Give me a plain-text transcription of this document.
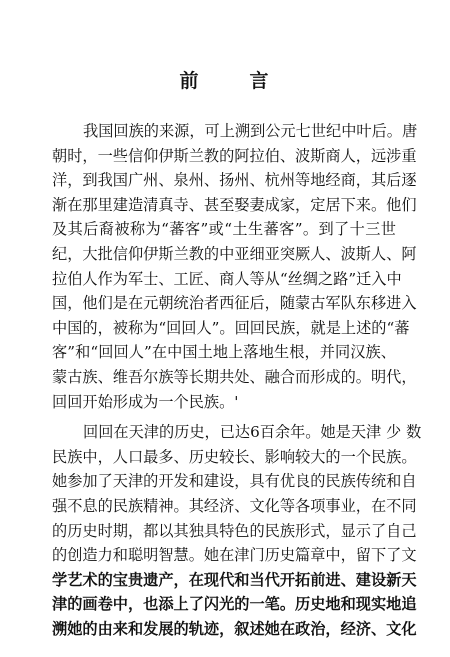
前　言
我国回族的来源，可上溯到公元七世纪中叶后。唐
朝时，一些信仰伊斯兰教的阿拉伯、波斯商人，远涉重
洋，到我国广州、泉州、扬州、杭州等地经商，其后逐
渐在那里建造清真寺、甚至娶妻成家，定居下来。他们
及其后裔被称为“蕃客”或“土生蕃客”。到了十三世
纪，大批信仰伊斯兰教的中亚细亚突厥人、波斯人、阿
拉伯人作为军士、工匠、商人等从“丝绸之路”迁入中
国，他们是在元朝统治者西征后，随蒙古军队东移进入
中国的，被称为“回回人”。回回民族，就是上述的“蕃
客”和“回回人”在中国土地上落地生根，并同汉族、
蒙古族、维吾尔族等长期共处、融合而形成的。明代，
回回开始形成为一个民族。'
回回在天津的历史，已达6百余年。她是天津 少 数
民族中，人口最多、历史较长、影响较大的一个民族。
她参加了天津的开发和建设，具有优良的民族传统和自
强不息的民族精神。其经济、文化等各项事业，在不同
的历史时期，都以其独具特色的民族形式，显示了自己
的创造力和聪明智慧。她在津门历史篇章中，留下了文
学艺术的宝贵遗产，在现代和当代开拓前进、建设新天
津的画卷中，也添上了闪光的一笔。历史地和现实地追
溯她的由来和发展的轨迹，叙述她在政治，经济、文化
